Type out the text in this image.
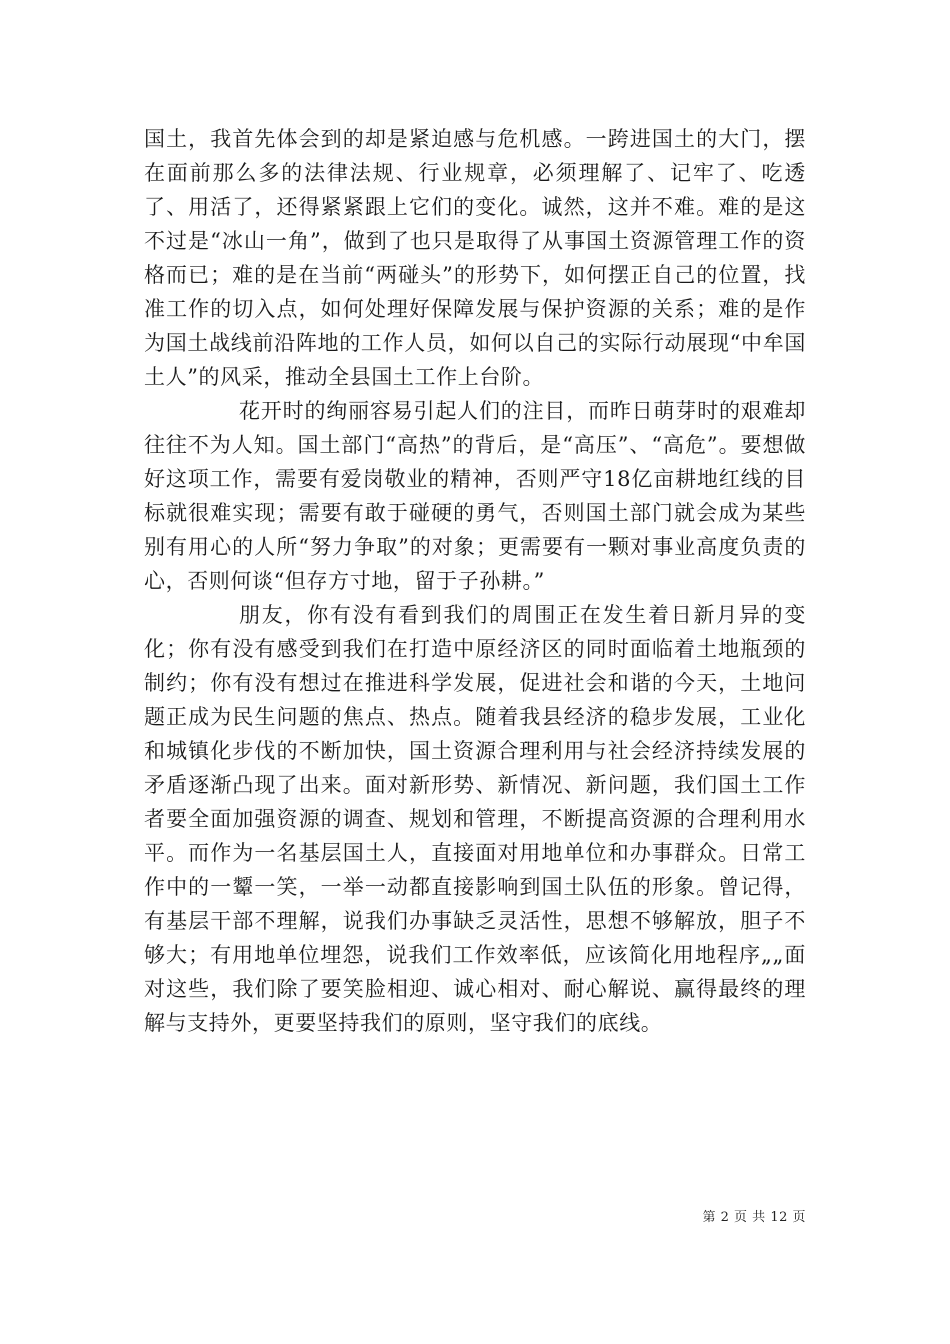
国土，我首先体会到的却是紧迫感与危机感。一跨进国土的大门，摆在面前那么多的法律法规、行业规章，必须理解了、记牢了、吃透了、用活了，还得紧紧跟上它们的变化。诚然，这并不难。难的是这不过是“冰山一角”，做到了也只是取得了从事国土资源管理工作的资格而已；难的是在当前“两碰头”的形势下，如何摆正自己的位置，找准工作的切入点，如何处理好保障发展与保护资源的关系；难的是作为国土战线前沿阵地的工作人员，如何以自己的实际行动展现“中牟国土人”的风采，推动全县国土工作上台阶。

花开时的绚丽容易引起人们的注目，而昨日萌芽时的艰难却往往不为人知。国土部门“高热”的背后，是“高压”、“高危”。要想做好这项工作，需要有爱岗敬业的精神，否则严守18亿亩耕地红线的目标就很难实现；需要有敢于碰硬的勇气，否则国土部门就会成为某些别有用心的人所“努力争取”的对象；更需要有一颗对事业高度负责的心，否则何谈“但存方寸地，留于子孙耕。”

朋友，你有没有看到我们的周围正在发生着日新月异的变化；你有没有感受到我们在打造中原经济区的同时面临着土地瓶颈的制约；你有没有想过在推进科学发展，促进社会和谐的今天，土地问题正成为民生问题的焦点、热点。随着我县经济的稳步发展，工业化和城镇化步伐的不断加快，国土资源合理利用与社会经济持续发展的矛盾逐渐凸现了出来。面对新形势、新情况、新问题，我们国土工作者要全面加强资源的调查、规划和管理，不断提高资源的合理利用水平。而作为一名基层国土人，直接面对用地单位和办事群众。日常工作中的一颦一笑，一举一动都直接影响到国土队伍的形象。曾记得，有基层干部不理解，说我们办事缺乏灵活性，思想不够解放，胆子不够大；有用地单位埋怨，说我们工作效率低，应该简化用地程序„„面对这些，我们除了要笑脸相迎、诚心相对、耐心解说、赢得最终的理解与支持外，更要坚持我们的原则，坚守我们的底线。

第 2 页 共 12 页
